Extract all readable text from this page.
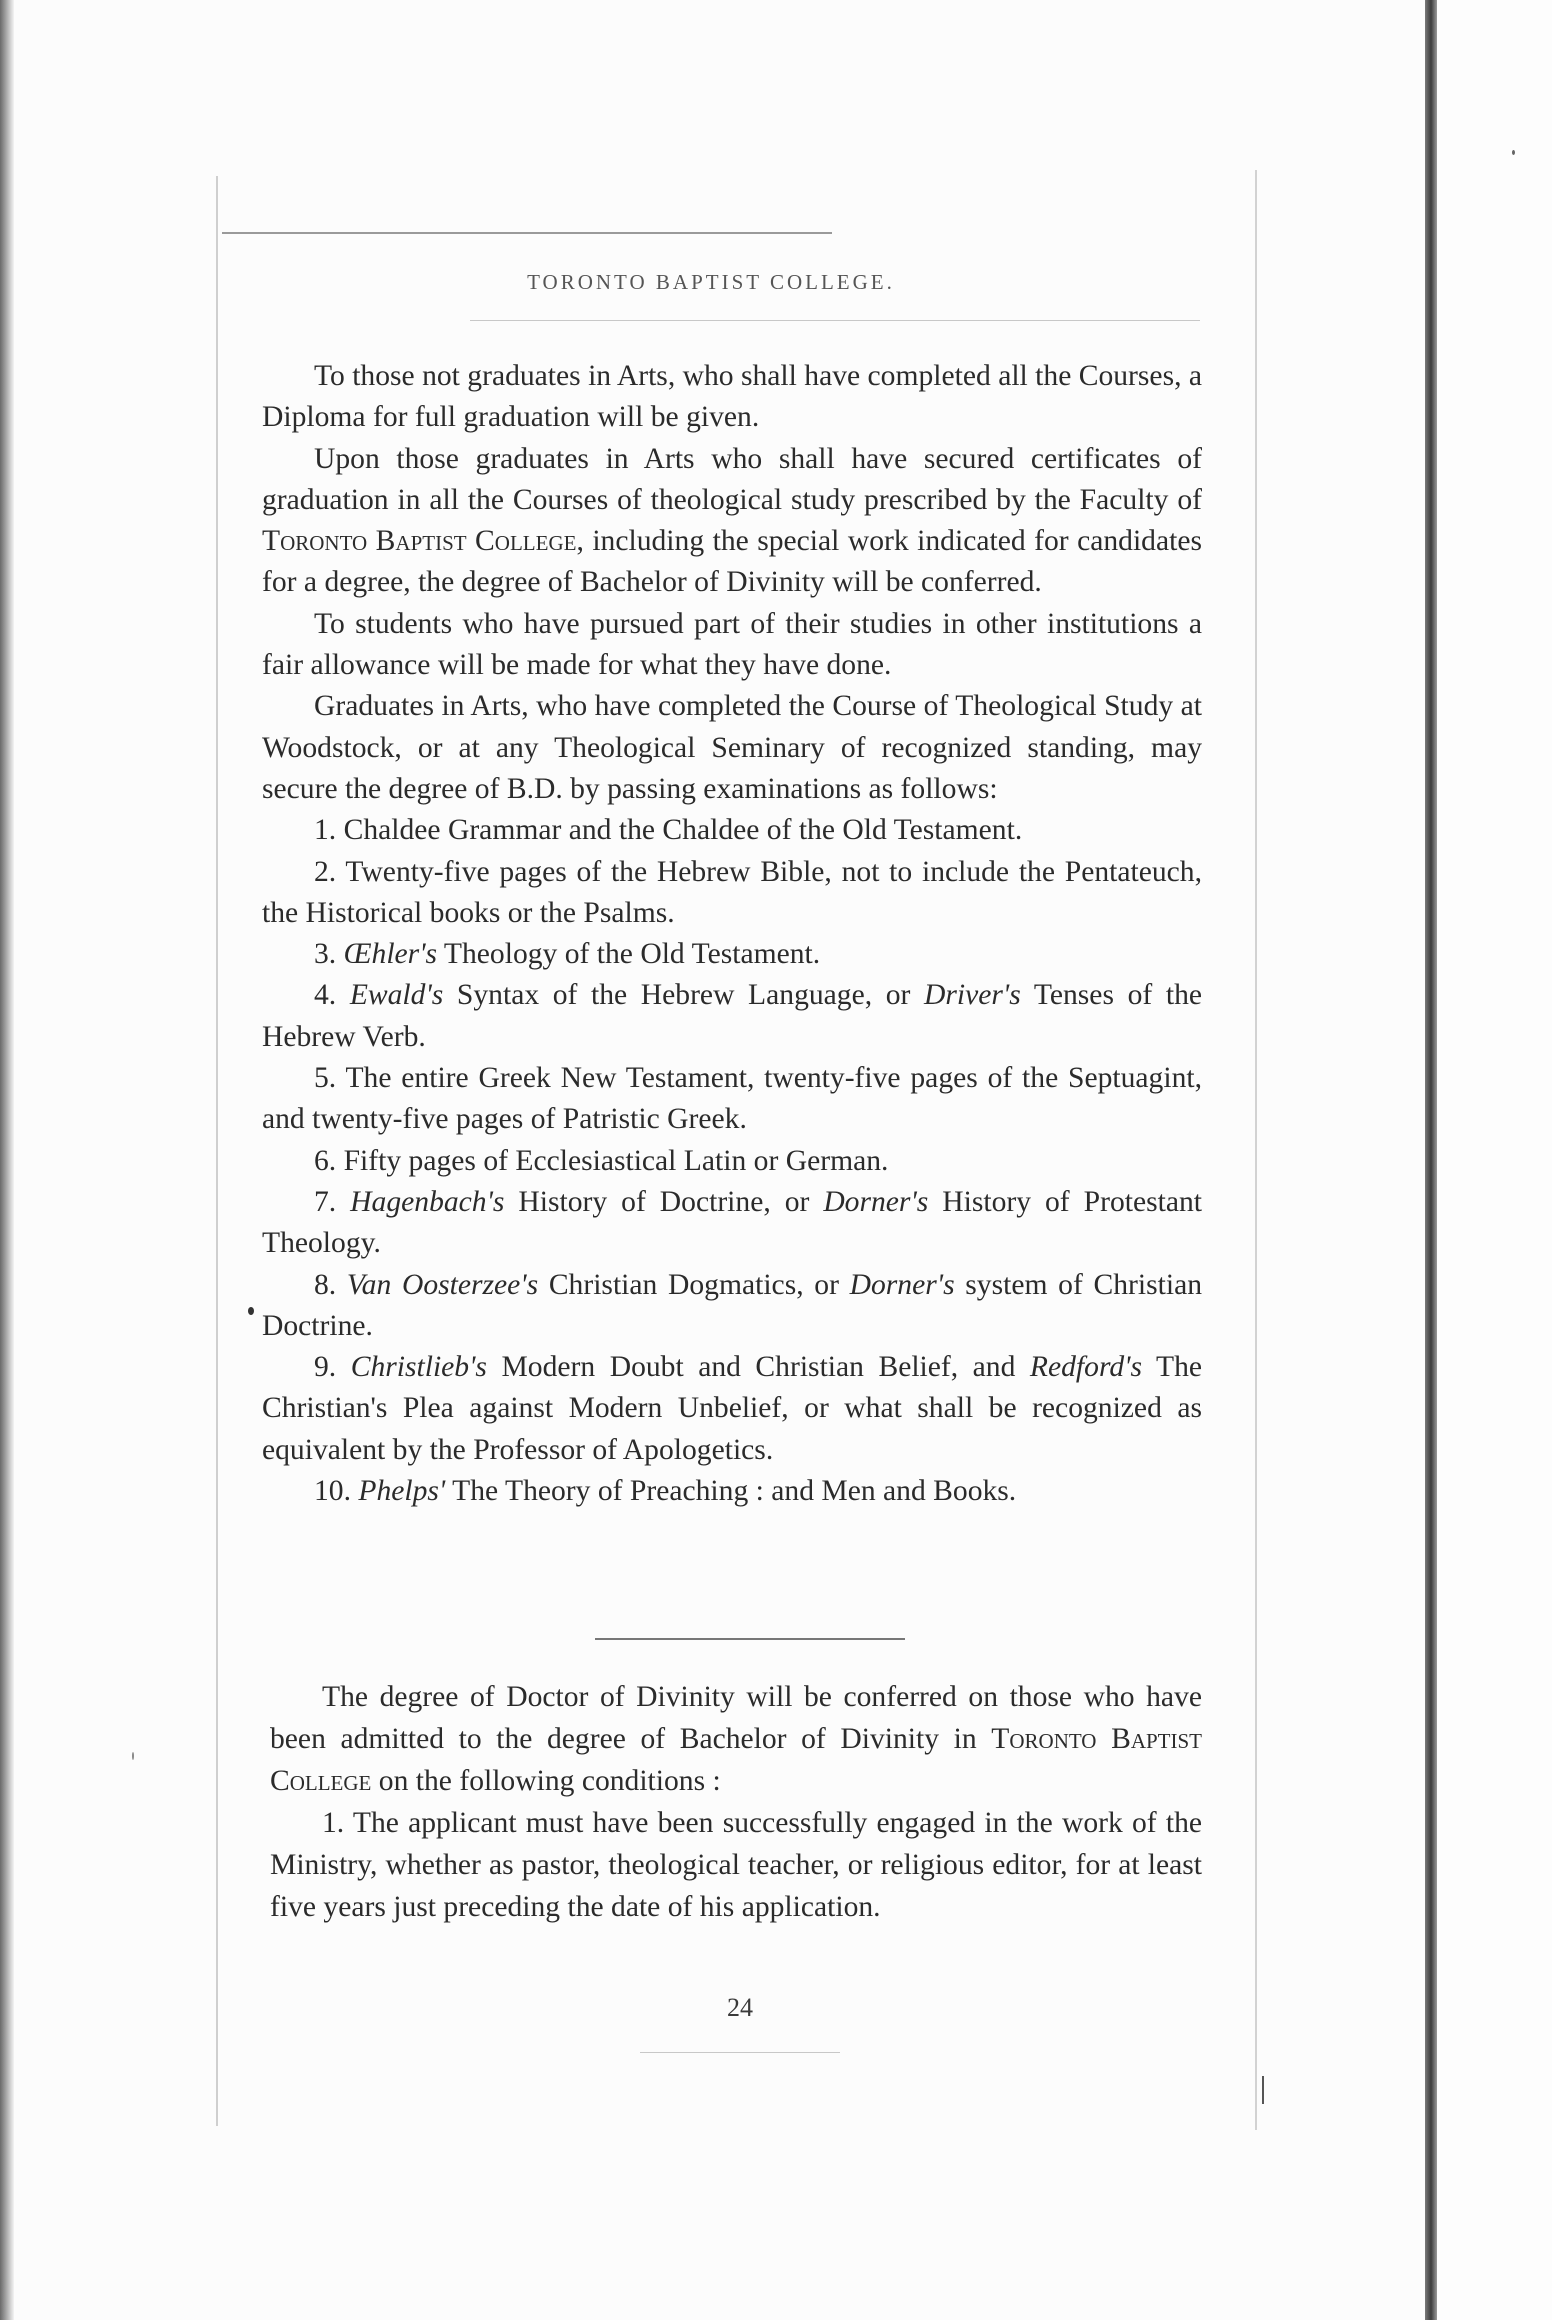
TORONTO BAPTIST COLLEGE.

To those not graduates in Arts, who shall have completed all the Courses, a Diploma for full graduation will be given.

Upon those graduates in Arts who shall have secured certificates of graduation in all the Courses of theological study prescribed by the Faculty of Toronto Baptist College, including the special work indicated for candidates for a degree, the degree of Bachelor of Divinity will be conferred.

To students who have pursued part of their studies in other institutions a fair allowance will be made for what they have done.

Graduates in Arts, who have completed the Course of Theological Study at Woodstock, or at any Theological Seminary of recognized standing, may secure the degree of B.D. by passing examinations as follows:

1. Chaldee Grammar and the Chaldee of the Old Testament.

2. Twenty-five pages of the Hebrew Bible, not to include the Pentateuch, the Historical books or the Psalms.

3. Œhler's Theology of the Old Testament.

4. Ewald's Syntax of the Hebrew Language, or Driver's Tenses of the Hebrew Verb.

5. The entire Greek New Testament, twenty-five pages of the Septuagint, and twenty-five pages of Patristic Greek.

6. Fifty pages of Ecclesiastical Latin or German.

7. Hagenbach's History of Doctrine, or Dorner's History of Protestant Theology.

8. Van Oosterzee's Christian Dogmatics, or Dorner's system of Christian Doctrine.

9. Christlieb's Modern Doubt and Christian Belief, and Redford's The Christian's Plea against Modern Unbelief, or what shall be recognized as equivalent by the Professor of Apologetics.

10. Phelps' The Theory of Preaching : and Men and Books.

The degree of Doctor of Divinity will be conferred on those who have been admitted to the degree of Bachelor of Divinity in Toronto Baptist College on the following conditions :

1. The applicant must have been successfully engaged in the work of the Ministry, whether as pastor, theological teacher, or religious editor, for at least five years just preceding the date of his application.

24
